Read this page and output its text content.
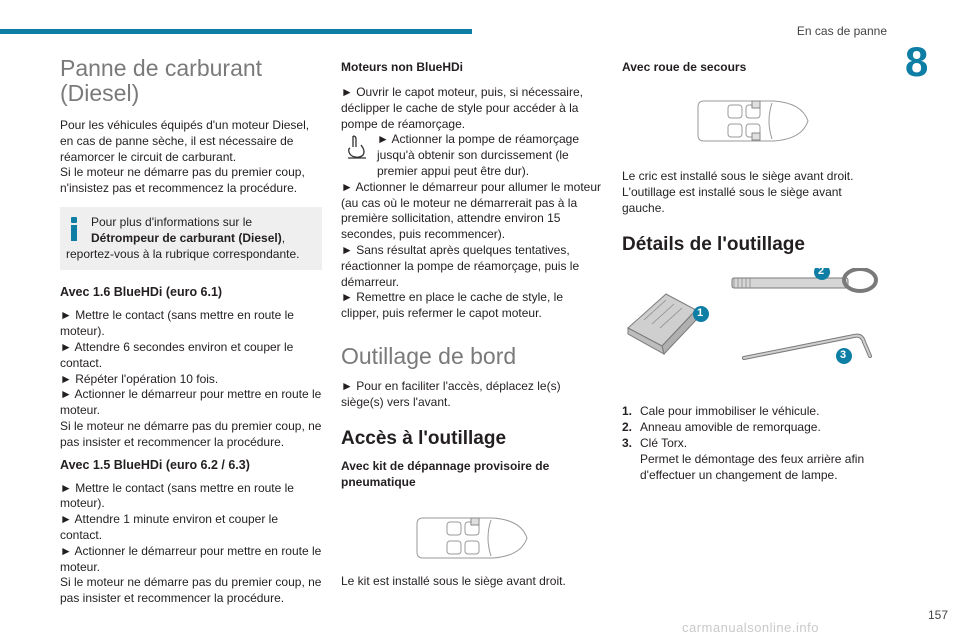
En cas de panne
8
Panne de carburant (Diesel)
Pour les véhicules équipés d'un moteur Diesel, en cas de panne sèche, il est nécessaire de réamorcer le circuit de carburant.
Si le moteur ne démarre pas du premier coup, n'insistez pas et recommencez la procédure.
Pour plus d'informations sur le
Détrompeur de carburant (Diesel), reportez-vous à la rubrique correspondante.
Avec 1.6 BlueHDi (euro 6.1)
► Mettre le contact (sans mettre en route le moteur).
► Attendre 6 secondes environ et couper le contact.
► Répéter l'opération 10 fois.
► Actionner le démarreur pour mettre en route le moteur.
Si le moteur ne démarre pas du premier coup, ne pas insister et recommencer la procédure.
Avec 1.5 BlueHDi (euro 6.2 / 6.3)
► Mettre le contact (sans mettre en route le moteur).
► Attendre 1 minute environ et couper le contact.
► Actionner le démarreur pour mettre en route le moteur.
Si le moteur ne démarre pas du premier coup, ne pas insister et recommencer la procédure.
Moteurs non BlueHDi
► Ouvrir le capot moteur, puis, si nécessaire, déclipper le cache de style pour accéder à la pompe de réamorçage.
► Actionner la pompe de réamorçage jusqu'à obtenir son durcissement (le premier appui peut être dur).
► Actionner le démarreur pour allumer le moteur (au cas où le moteur ne démarrerait pas à la première sollicitation, attendre environ 15 secondes, puis recommencer).
► Sans résultat après quelques tentatives, réactionner la pompe de réamorçage, puis le démarreur.
► Remettre en place le cache de style, le clipper, puis refermer le capot moteur.
Outillage de bord
► Pour en faciliter l'accès, déplacez le(s) siège(s) vers l'avant.
Accès à l'outillage
Avec kit de dépannage provisoire de pneumatique
Le kit est installé sous le siège avant droit.
Avec roue de secours
Le cric est installé sous le siège avant droit.
L'outillage est installé sous le siège avant gauche.
Détails de l'outillage
1
2
3
1. Cale pour immobiliser le véhicule.
2. Anneau amovible de remorquage.
3. Clé Torx.
Permet le démontage des feux arrière afin d'effectuer un changement de lampe.
157
carmanualsonline.info
